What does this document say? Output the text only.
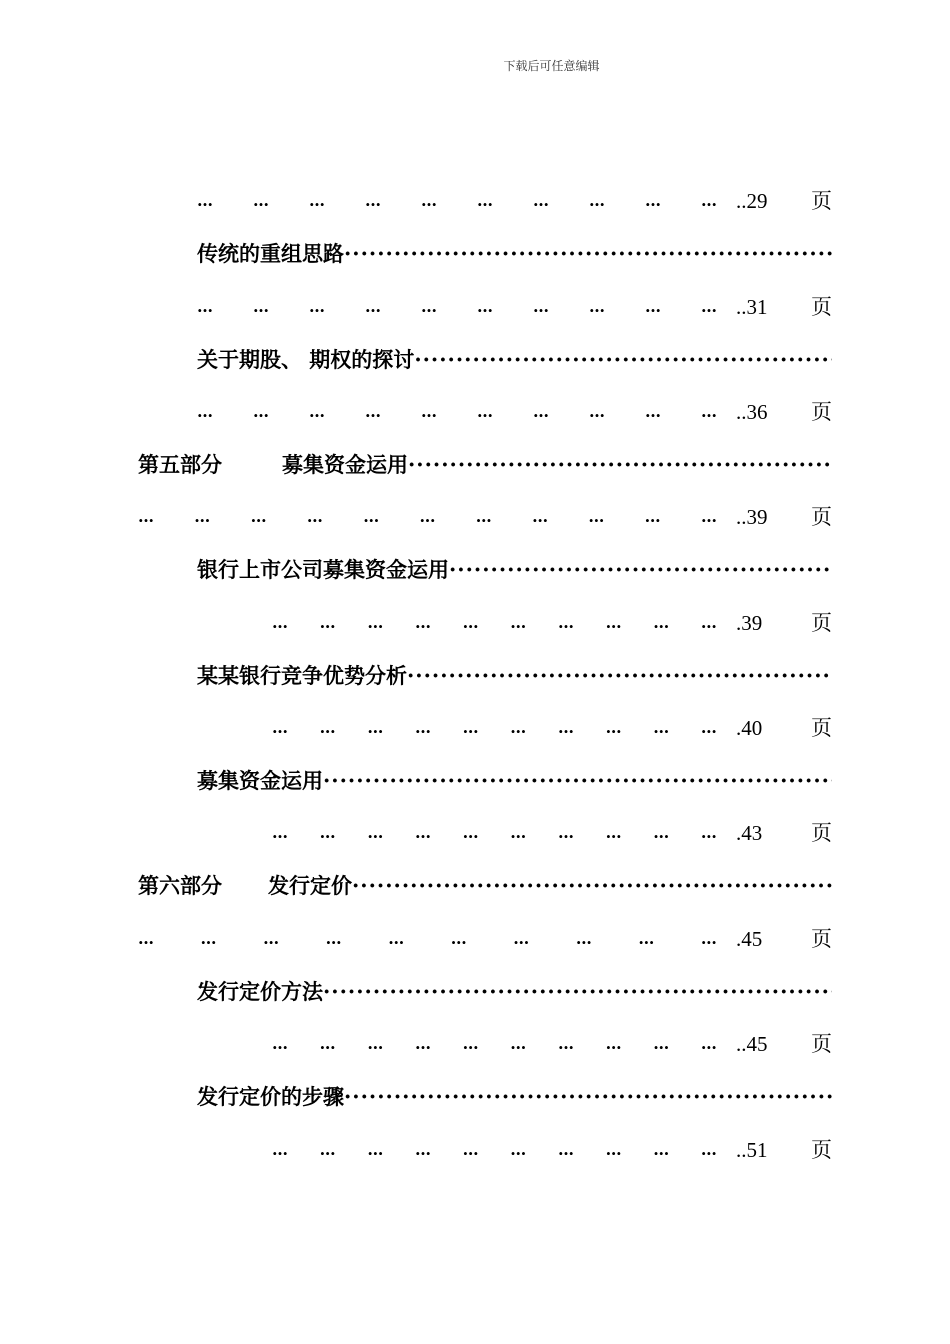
下载后可任意编辑
… … … … … … … … … … ..29	页
传统的重组思路
·····
… … … … … … … … … … ..31	页
关于期股、 期权的探讨
·····
… … … … … … … … … … ..36	页
第五部分	募集资金运用
·····
… … … … … … … … … … … ..39	页
银行上市公司募集资金运用
·····
… … … … … … … … … … .39	页
某某银行竞争优势分析
·····
… … … … … … … … … … .40	页
募集资金运用
·····
… … … … … … … … … … .43	页
第六部分 发行定价
·····
…	…	…	…	…	…	…	…	…	… .45	页
发行定价方法
·····
… … … … … … … … … … ..45	页
发行定价的步骤
·····
… … … … … … … … … … ..51	页
